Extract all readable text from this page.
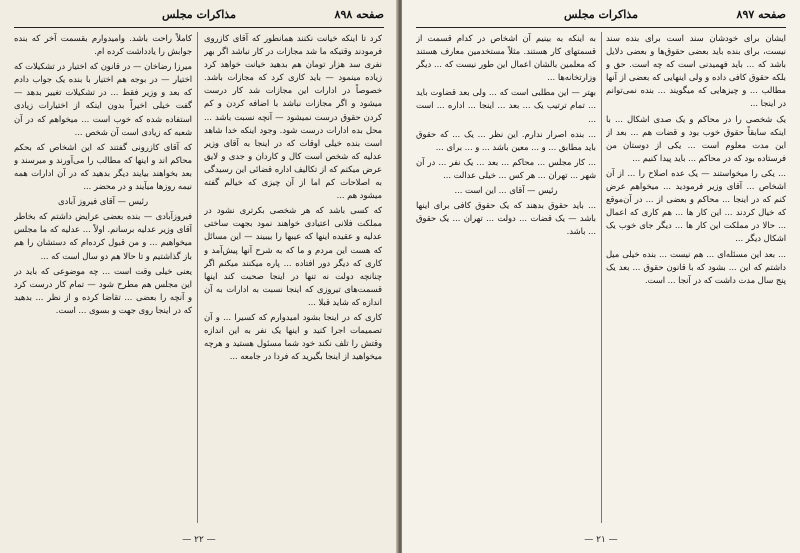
صفحه ۸۹۸
مذاکرات مجلس

کرد تا اینکه خیانت نکنند همانطور که آقای کازروی فرمودند وقتیکه ما شد مجازات در کار نباشد اگر بهر نفری سد هزار تومان هم بدهید خیانت خواهد کرد زیاده مینمود — باید کاری کرد که مجازات باشد. خصوصاً در ادارات این مجازات شد کار درست میشود و اگر مجازات نباشد با اضافه کردن و کم کردن حقوق درست نمیشود — آنچه نسبت باشد ... محل بده ادارات درست شود. وجود اینکه خدا شاهد است بنده خیلی اوقات که در اینجا به آقای وزیر عدلیه که شخص است کال و کاردان و جدی و لایق عرض میکنم که از تکالیف اداره قضائی این رسیدگی به اصلاحات کم اما از آن چیزی که خیالم گفته میشود هم ...

که کسی باشد که هر شخصی بکرتری نشود در مملکت فلانی اعتیادی خواهند نمود بجهت ساختی عدلیه و عقیده اینها که عیبها را بیبیند — این مسائل که هست این مردم و ما که به شرح آنها پیش‌آمد و کاری که دیگر دور افتاده ... پاره میکنند میکنم اگر چنانچه دولت نه تنها در اینجا صحبت کند اینها قسمت‌های تیروزی که اینجا نسبت به ادارات به آن اندازه که شاید قبلا ...

کاری که در اینجا بشود امیدوارم که کسیرا ... و آن تصمیمات اجرا کنید و اینها یک نفر به این اندازه وقتش را تلف نکند خود شما مسئول هستید و هرچه میخواهید از اینجا بگیرید که فردا در جامعه ...

کاملاً راحت باشد. وامیدوارم بقسمت آخر که بنده جوابش را یادداشت کرده ام.

میرزا رضاخان — در قانون که اختیار در تشکیلات که اختیار — در بوجه هم اختیار با بنده یک جواب دادم که بعد و وزیر فقط ... در تشکیلات تغییر بدهد — گفت خیلی اخیراً بدون اینکه از اختیارات زیادی استفاده شده که خوب است ... میخواهم که در آن شعبه که زیادی است آن شخص ...

که آقای کازرونی گفتند که این اشخاص که بحکم محاکم اند و اینها که مطالب را می‌آورند و میرسند و بعد بخواهند بیایند دیگر بدهید که در آن ادارات همه نیمه روزها میآیند و در محضر ...

رئیس — آقای فیروز آبادی

فیروزآبادی — بنده بعضی عرایض داشتم که بخاطر آقای وزیر عدلیه برسانم. اولاً ... عدلیه که ما مجلس میخواهیم ... و من قبول کرده‌ام که دستشان را هم باز گذاشتیم و تا حالا هم دو سال است که ...

یعنی خیلی وقت است ... چه موضوعی که باید در این مجلس هم مطرح شود — تمام کار درست کرد و آنچه را بعضی ... تقاضا کرده و از نظر ... بدهید که در اینجا روی جهت و بسوی ... است.

— ۲۲ —
صفحه ۸۹۷
مذاکرات مجلس

ایشان برای خودشان سند است برای بنده سند نیست، برای بنده باید بعضی حقوق‌ها و بعضی دلایل باشد که ... باید فهمیدنی است که چه است. حق و بلکه حقوق کافی داده و ولی اینهایی که بعضی از آنها مطالب ... و چیزهایی که میگویند ... بنده نمی‌توانم در اینجا ...

یک شخصی را در محاکم و یک صدی اشکال ... با اینکه سابقاً حقوق خوب بود و قضات هم ... بعد از این مدت معلوم است ... یکی از دوستان من فرستاده بود که در محاکم ... باید پیدا کنیم ...

... یکی را میخواستند — یک عده اصلاح را ... از آن اشخاص ... آقای وزیر فرمودید ... میخواهم عرض کنم که در اینجا ... محاکم و بعضی از ... در آن‌موقع که خیال کردند ... این کار ها ... هم کاری که اعمال ... حالا در مملکت این کار ها ... دیگر جای خوب یک اشکال دیگر ...

... بعد این مسئله‌ای ... هم نیست ... بنده خیلی میل داشتم که این ... بشود که با قانون حقوق ... بعد یک پنج سال مدت داشت که در آنجا ... است.

به اینکه به بینیم آن اشخاص در کدام قسمت از قسمتهای کار هستند. مثلاً مستخدمین معارف هستند که معلمین بالشان اعمال این طور نیست که ... دیگر وزارتخانه‌ها ...

بهتر — این مطلبی است که ... ولی بعد قضاوت باید ... تمام ترتیب یک ... بعد ... اینجا ... اداره ... است ...

... بنده اصرار ندارم. این نظر ... یک ... که حقوق باید مطابق ... و ... معین باشد ... و ... برای ...

... کار مجلس ... محاکم ... بعد ... یک نفر ... در آن شهر ... تهران ... هر کس ... خیلی عدالت ...

رئیس — آقای ... این است ...

... باید حقوق بدهند که یک حقوق کافی برای اینها باشد — یک قضات ... دولت ... تهران ... یک حقوق ... باشد.

— ۲۱ —
